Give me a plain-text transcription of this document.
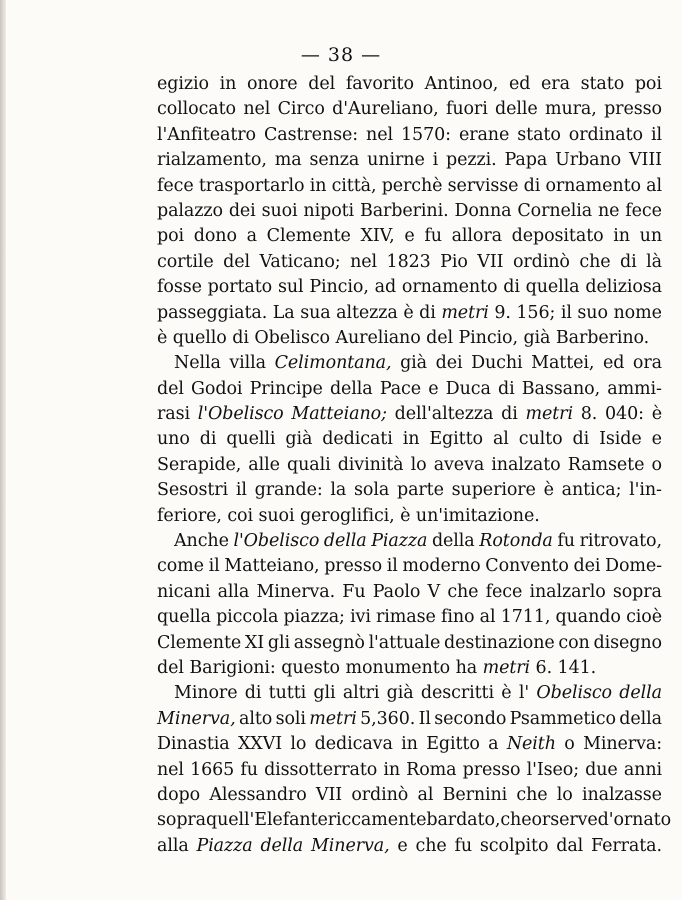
— 38 —
egizio in onore del favorito Antinoo, ed era stato poi
collocato nel Circo d'Aureliano, fuori delle mura, presso
l'Anfiteatro Castrense: nel 1570: erane stato ordinato il
rialzamento, ma senza unirne i pezzi. Papa Urbano VIII
fece trasportarlo in città, perchè servisse di ornamento al
palazzo dei suoi nipoti Barberini. Donna Cornelia ne fece
poi dono a Clemente XIV, e fu allora depositato in un
cortile del Vaticano; nel 1823 Pio VII ordinò che di là
fosse portato sul Pincio, ad ornamento di quella deliziosa
passeggiata. La sua altezza è di metri 9. 156; il suo nome
è quello di Obelisco Aureliano del Pincio, già Barberino.
Nella villa Celimontana, già dei Duchi Mattei, ed ora
del Godoi Principe della Pace e Duca di Bassano, ammi-
rasi l'Obelisco Matteiano; dell'altezza di metri 8. 040: è
uno di quelli già dedicati in Egitto al culto di Iside e
Serapide, alle quali divinità lo aveva inalzato Ramsete o
Sesostri il grande: la sola parte superiore è antica; l'in-
feriore, coi suoi geroglifici, è un'imitazione.
Anche l'Obelisco della Piazza della Rotonda fu ritrovato,
come il Matteiano, presso il moderno Convento dei Dome-
nicani alla Minerva. Fu Paolo V che fece inalzarlo sopra
quella piccola piazza; ivi rimase fino al 1711, quando cioè
Clemente XI gli assegnò l'attuale destinazione con disegno
del Barigioni: questo monumento ha metri 6. 141.
Minore di tutti gli altri già descritti è l' Obelisco della
Minerva, alto soli metri 5,360. Il secondo Psammetico della
Dinastia XXVI lo dedicava in Egitto a Neith o Minerva:
nel 1665 fu dissotterrato in Roma presso l'Iseo; due anni
dopo Alessandro VII ordinò al Bernini che lo inalzasse
sopra quell'Elefante riccamente bardato, che or serve d'ornato
alla Piazza della Minerva, e che fu scolpito dal Ferrata.
